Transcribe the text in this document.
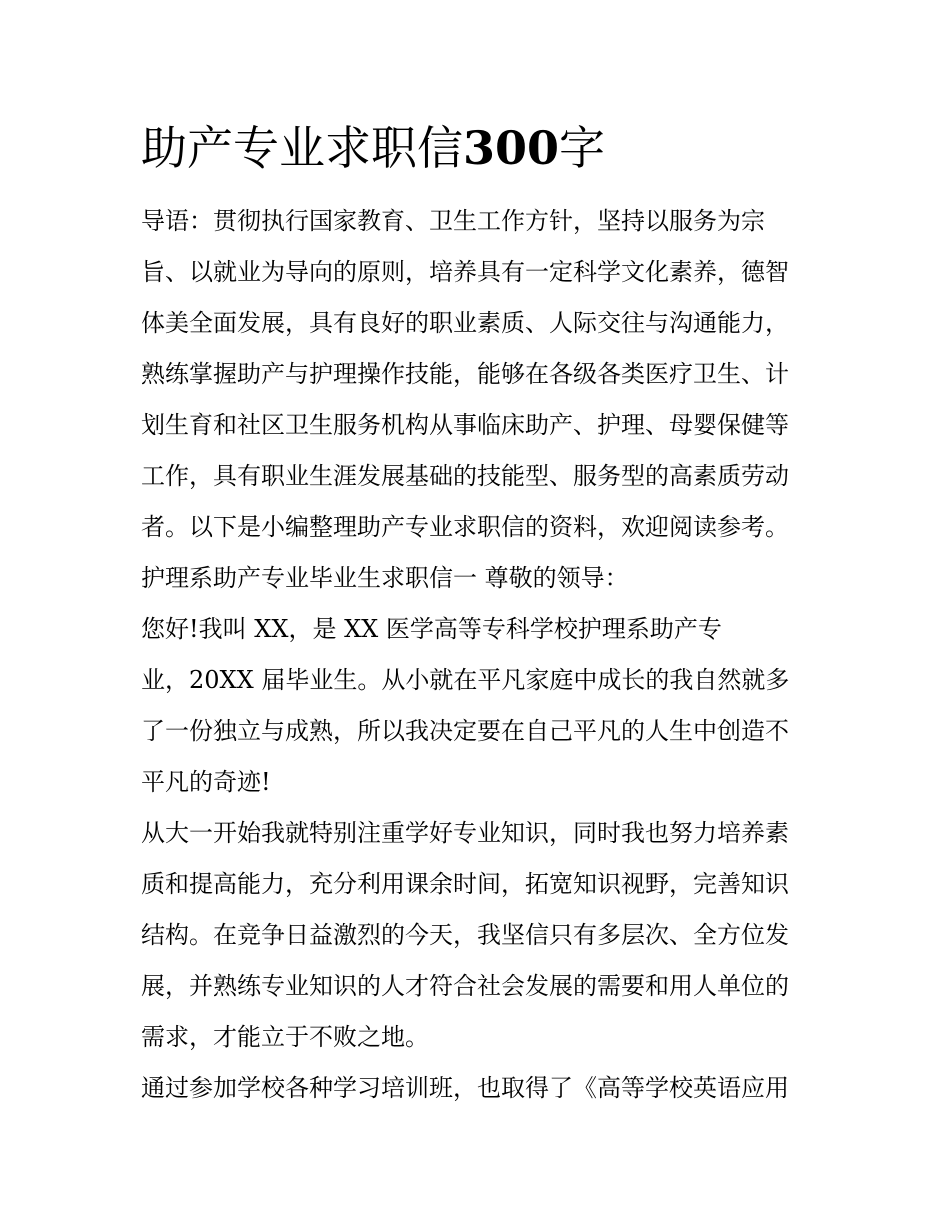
助产专业求职信300字

导语：贯彻执行国家教育、卫生工作方针，坚持以服务为宗

旨、以就业为导向的原则，培养具有一定科学文化素养，德智

体美全面发展，具有良好的职业素质、人际交往与沟通能力，

熟练掌握助产与护理操作技能，能够在各级各类医疗卫生、计

划生育和社区卫生服务机构从事临床助产、护理、母婴保健等

工作，具有职业生涯发展基础的技能型、服务型的高素质劳动

者。以下是小编整理助产专业求职信的资料，欢迎阅读参考。

护理系助产专业毕业生求职信一 尊敬的领导：

您好!我叫 XX，是 XX 医学高等专科学校护理系助产专

业，20XX 届毕业生。从小就在平凡家庭中成长的我自然就多

了一份独立与成熟，所以我决定要在自己平凡的人生中创造不

平凡的奇迹!

从大一开始我就特别注重学好专业知识，同时我也努力培养素

质和提高能力，充分利用课余时间，拓宽知识视野，完善知识

结构。在竞争日益激烈的今天，我坚信只有多层次、全方位发

展，并熟练专业知识的人才符合社会发展的需要和用人单位的

需求，才能立于不败之地。

通过参加学校各种学习培训班，也取得了《高等学校英语应用
